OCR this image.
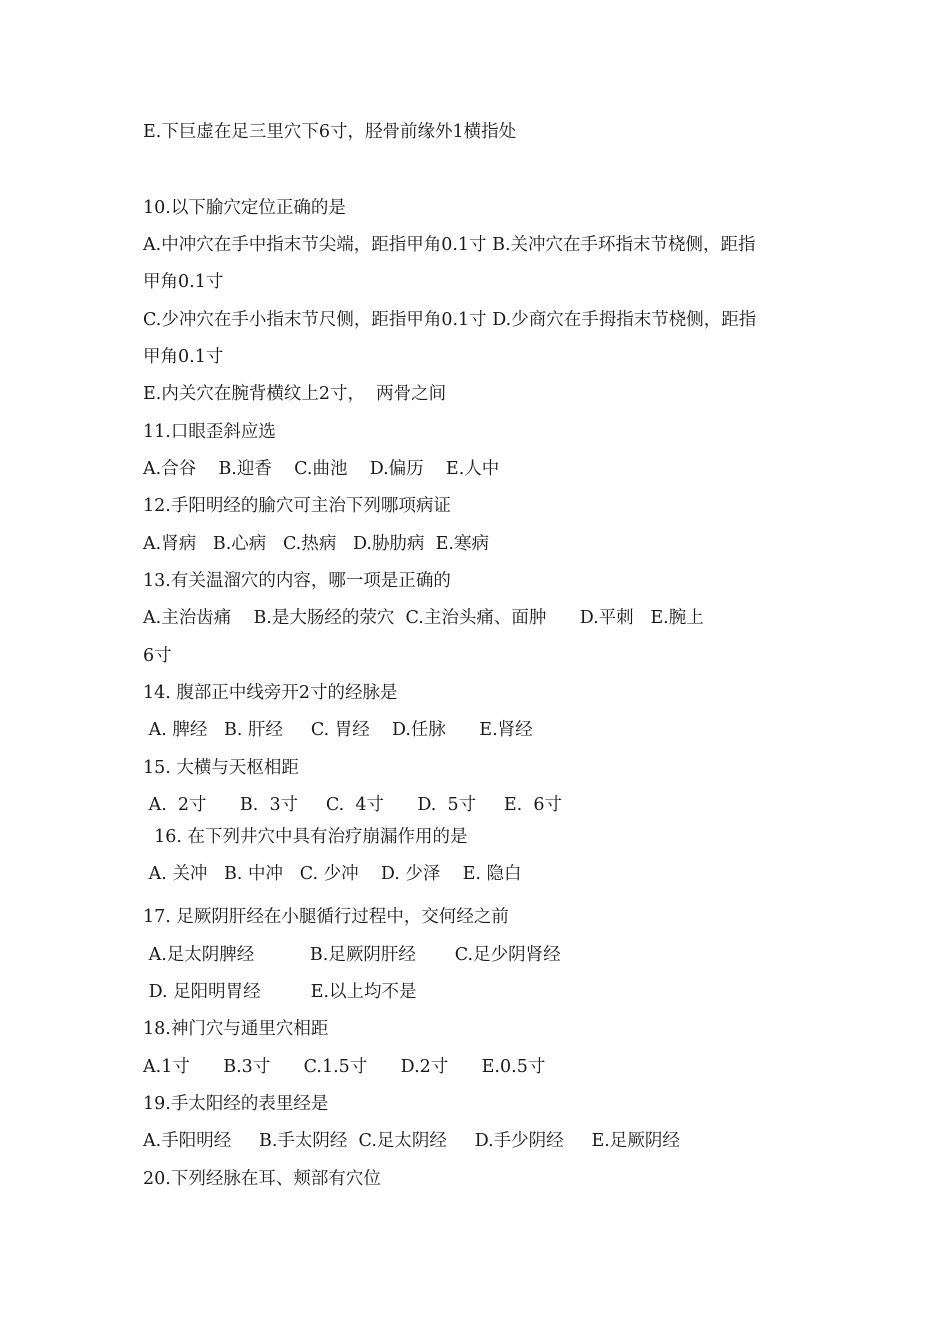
E.下巨虚在足三里穴下6寸，胫骨前缘外1横指处

10.以下腧穴定位正确的是

A.中冲穴在手中指末节尖端，距指甲角0.1寸 B.关冲穴在手环指末节桡侧，距指

甲角0.1寸

C.少冲穴在手小指末节尺侧，距指甲角0.1寸 D.少商穴在手拇指末节桡侧，距指

甲角0.1寸

E.内关穴在腕背横纹上2寸，  两骨之间

11.口眼歪斜应选

A.合谷    B.迎香    C.曲池    D.偏历    E.人中

12.手阳明经的腧穴可主治下列哪项病证

A.肾病   B.心病   C.热病   D.胁肋病  E.寒病

13.有关温溜穴的内容，哪一项是正确的

A.主治齿痛    B.是大肠经的荥穴  C.主治头痛、面肿      D.平刺   E.腕上

6寸

14. 腹部正中线旁开2寸的经脉是

A. 脾经   B. 肝经     C. 胃经    D.任脉      E.肾经

15. 大横与天枢相距

A.  2寸      B.  3寸     C.  4寸      D.  5寸     E.  6寸

16. 在下列井穴中具有治疗崩漏作用的是

A. 关冲   B. 中冲   C. 少冲    D. 少泽    E. 隐白

17. 足厥阴肝经在小腿循行过程中，交何经之前

A.足太阴脾经          B.足厥阴肝经       C.足少阴肾经

D. 足阳明胃经         E.以上均不是

18.神门穴与通里穴相距

A.1寸      B.3寸      C.1.5寸      D.2寸      E.0.5寸

19.手太阳经的表里经是

A.手阳明经     B.手太阴经  C.足太阴经     D.手少阴经     E.足厥阴经

20.下列经脉在耳、颊部有穴位
